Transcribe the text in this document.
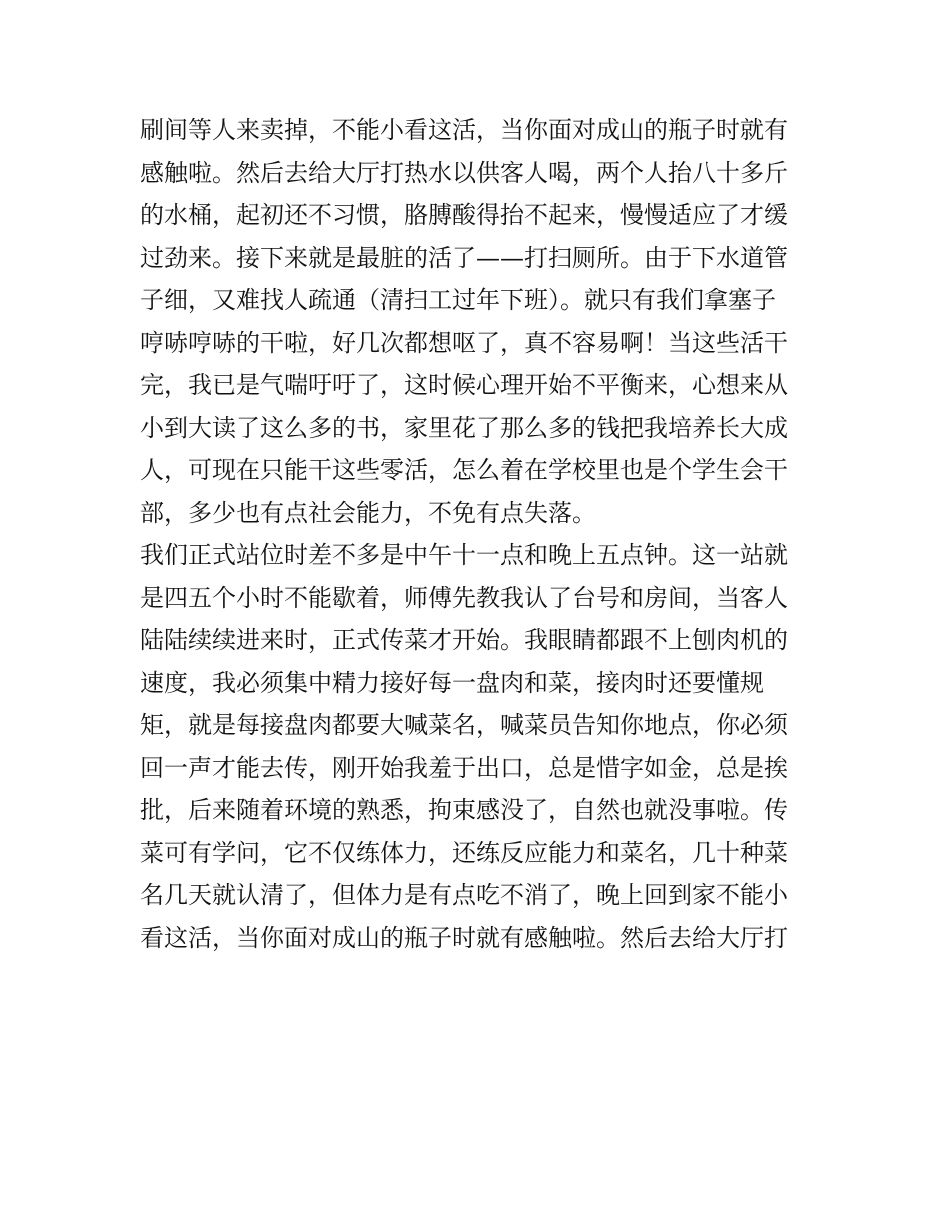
刷间等人来卖掉，不能小看这活，当你面对成山的瓶子时就有
感触啦。然后去给大厅打热水以供客人喝，两个人抬八十多斤
的水桶，起初还不习惯，胳膊酸得抬不起来，慢慢适应了才缓
过劲来。接下来就是最脏的活了——打扫厕所。由于下水道管
子细，又难找人疏通（清扫工过年下班）。就只有我们拿塞子
哼哧哼哧的干啦，好几次都想呕了，真不容易啊！当这些活干
完，我已是气喘吁吁了，这时候心理开始不平衡来，心想来从
小到大读了这么多的书，家里花了那么多的钱把我培养长大成
人，可现在只能干这些零活，怎么着在学校里也是个学生会干
部，多少也有点社会能力，不免有点失落。
我们正式站位时差不多是中午十一点和晚上五点钟。这一站就
是四五个小时不能歇着，师傅先教我认了台号和房间，当客人
陆陆续续进来时，正式传菜才开始。我眼睛都跟不上刨肉机的
速度，我必须集中精力接好每一盘肉和菜，接肉时还要懂规
矩，就是每接盘肉都要大喊菜名，喊菜员告知你地点，你必须
回一声才能去传，刚开始我羞于出口，总是惜字如金，总是挨
批，后来随着环境的熟悉，拘束感没了，自然也就没事啦。传
菜可有学问，它不仅练体力，还练反应能力和菜名，几十种菜
名几天就认清了，但体力是有点吃不消了，晚上回到家不能小
看这活，当你面对成山的瓶子时就有感触啦。然后去给大厅打
